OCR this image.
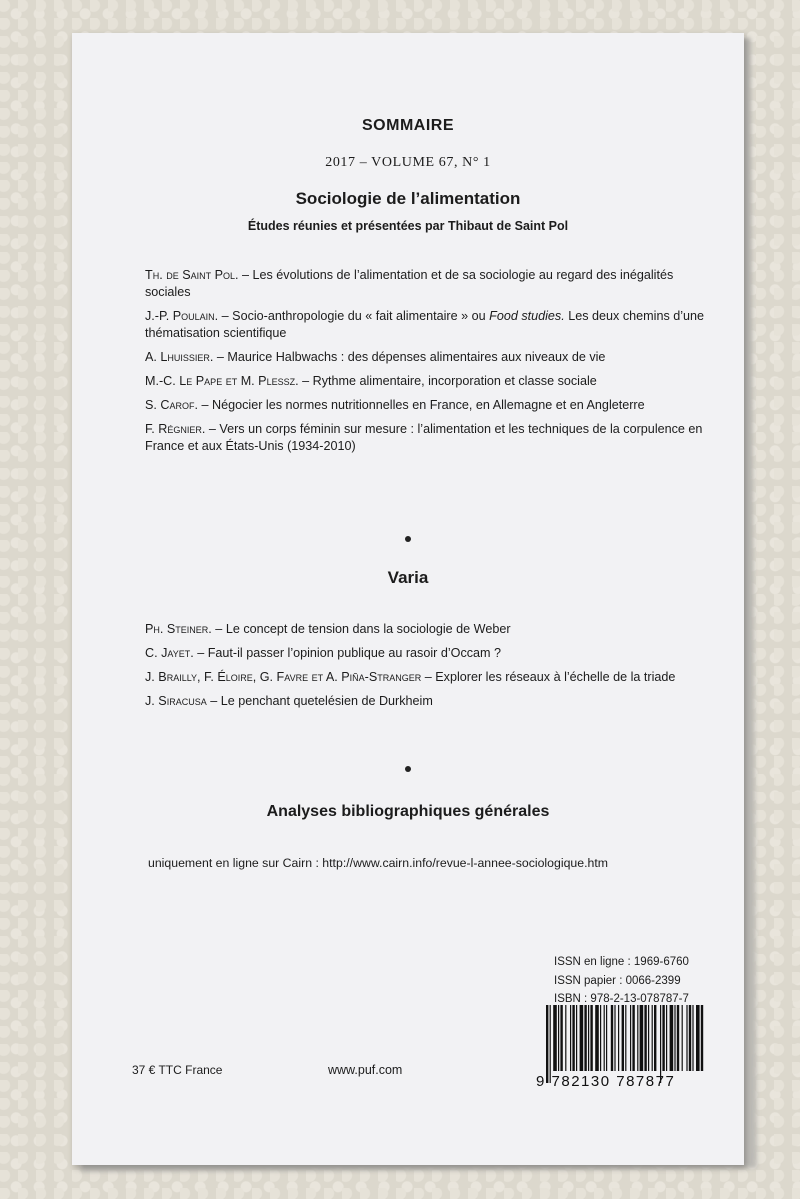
SOMMAIRE
2017 – VOLUME 67, N° 1
Sociologie de l’alimentation
Études réunies et présentées par Thibaut de Saint Pol
Th. de Saint Pol. – Les évolutions de l’alimentation et de sa sociologie au regard des inégalités sociales
J.-P. Poulain. – Socio-anthropologie du « fait alimentaire » ou Food studies. Les deux chemins d’une thématisation scientifique
A. Lhuissier. – Maurice Halbwachs : des dépenses alimentaires aux niveaux de vie
M.-C. Le Pape et M. Plessz. – Rythme alimentaire, incorporation et classe sociale
S. Carof. – Négocier les normes nutritionnelles en France, en Allemagne et en Angleterre
F. Régnier. – Vers un corps féminin sur mesure : l’alimentation et les techniques de la corpulence en France et aux États-Unis (1934-2010)
Varia
Ph. Steiner. – Le concept de tension dans la sociologie de Weber
C. Jayet. – Faut-il passer l’opinion publique au rasoir d’Occam ?
J. Brailly, F. Éloire, G. Favre et A. Piña-Stranger – Explorer les réseaux à l’échelle de la triade
J. Siracusa – Le penchant quetelésien de Durkheim
Analyses bibliographiques générales
uniquement en ligne sur Cairn : http://www.cairn.info/revue-l-annee-sociologique.htm
ISSN en ligne : 1969-6760
ISSN papier : 0066-2399
ISBN : 978-2-13-078787-7
9 782130 787877
37 € TTC France	www.puf.com
